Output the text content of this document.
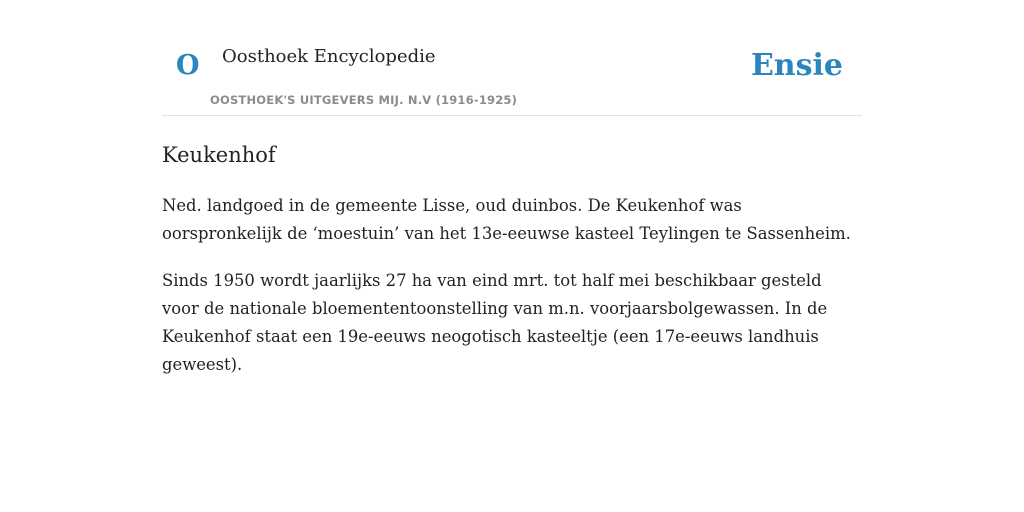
O Oosthoek Encyclopedie
OOSTHOEK'S UITGEVERS MIJ. N.V (1916-1925)
Ensie
Keukenhof

Ned. landgoed in de gemeente Lisse, oud duinbos. De Keukenhof was oorspronkelijk de ‘moestuin’ van het 13e-eeuwse kasteel Teylingen te Sassenheim.

Sinds 1950 wordt jaarlijks 27 ha van eind mrt. tot half mei beschikbaar gesteld voor de nationale bloemententoonstelling van m.n. voorjaarsbolgewassen. In de Keukenhof staat een 19e-eeuws neogotisch kasteeltje (een 17e-eeuws landhuis geweest).
